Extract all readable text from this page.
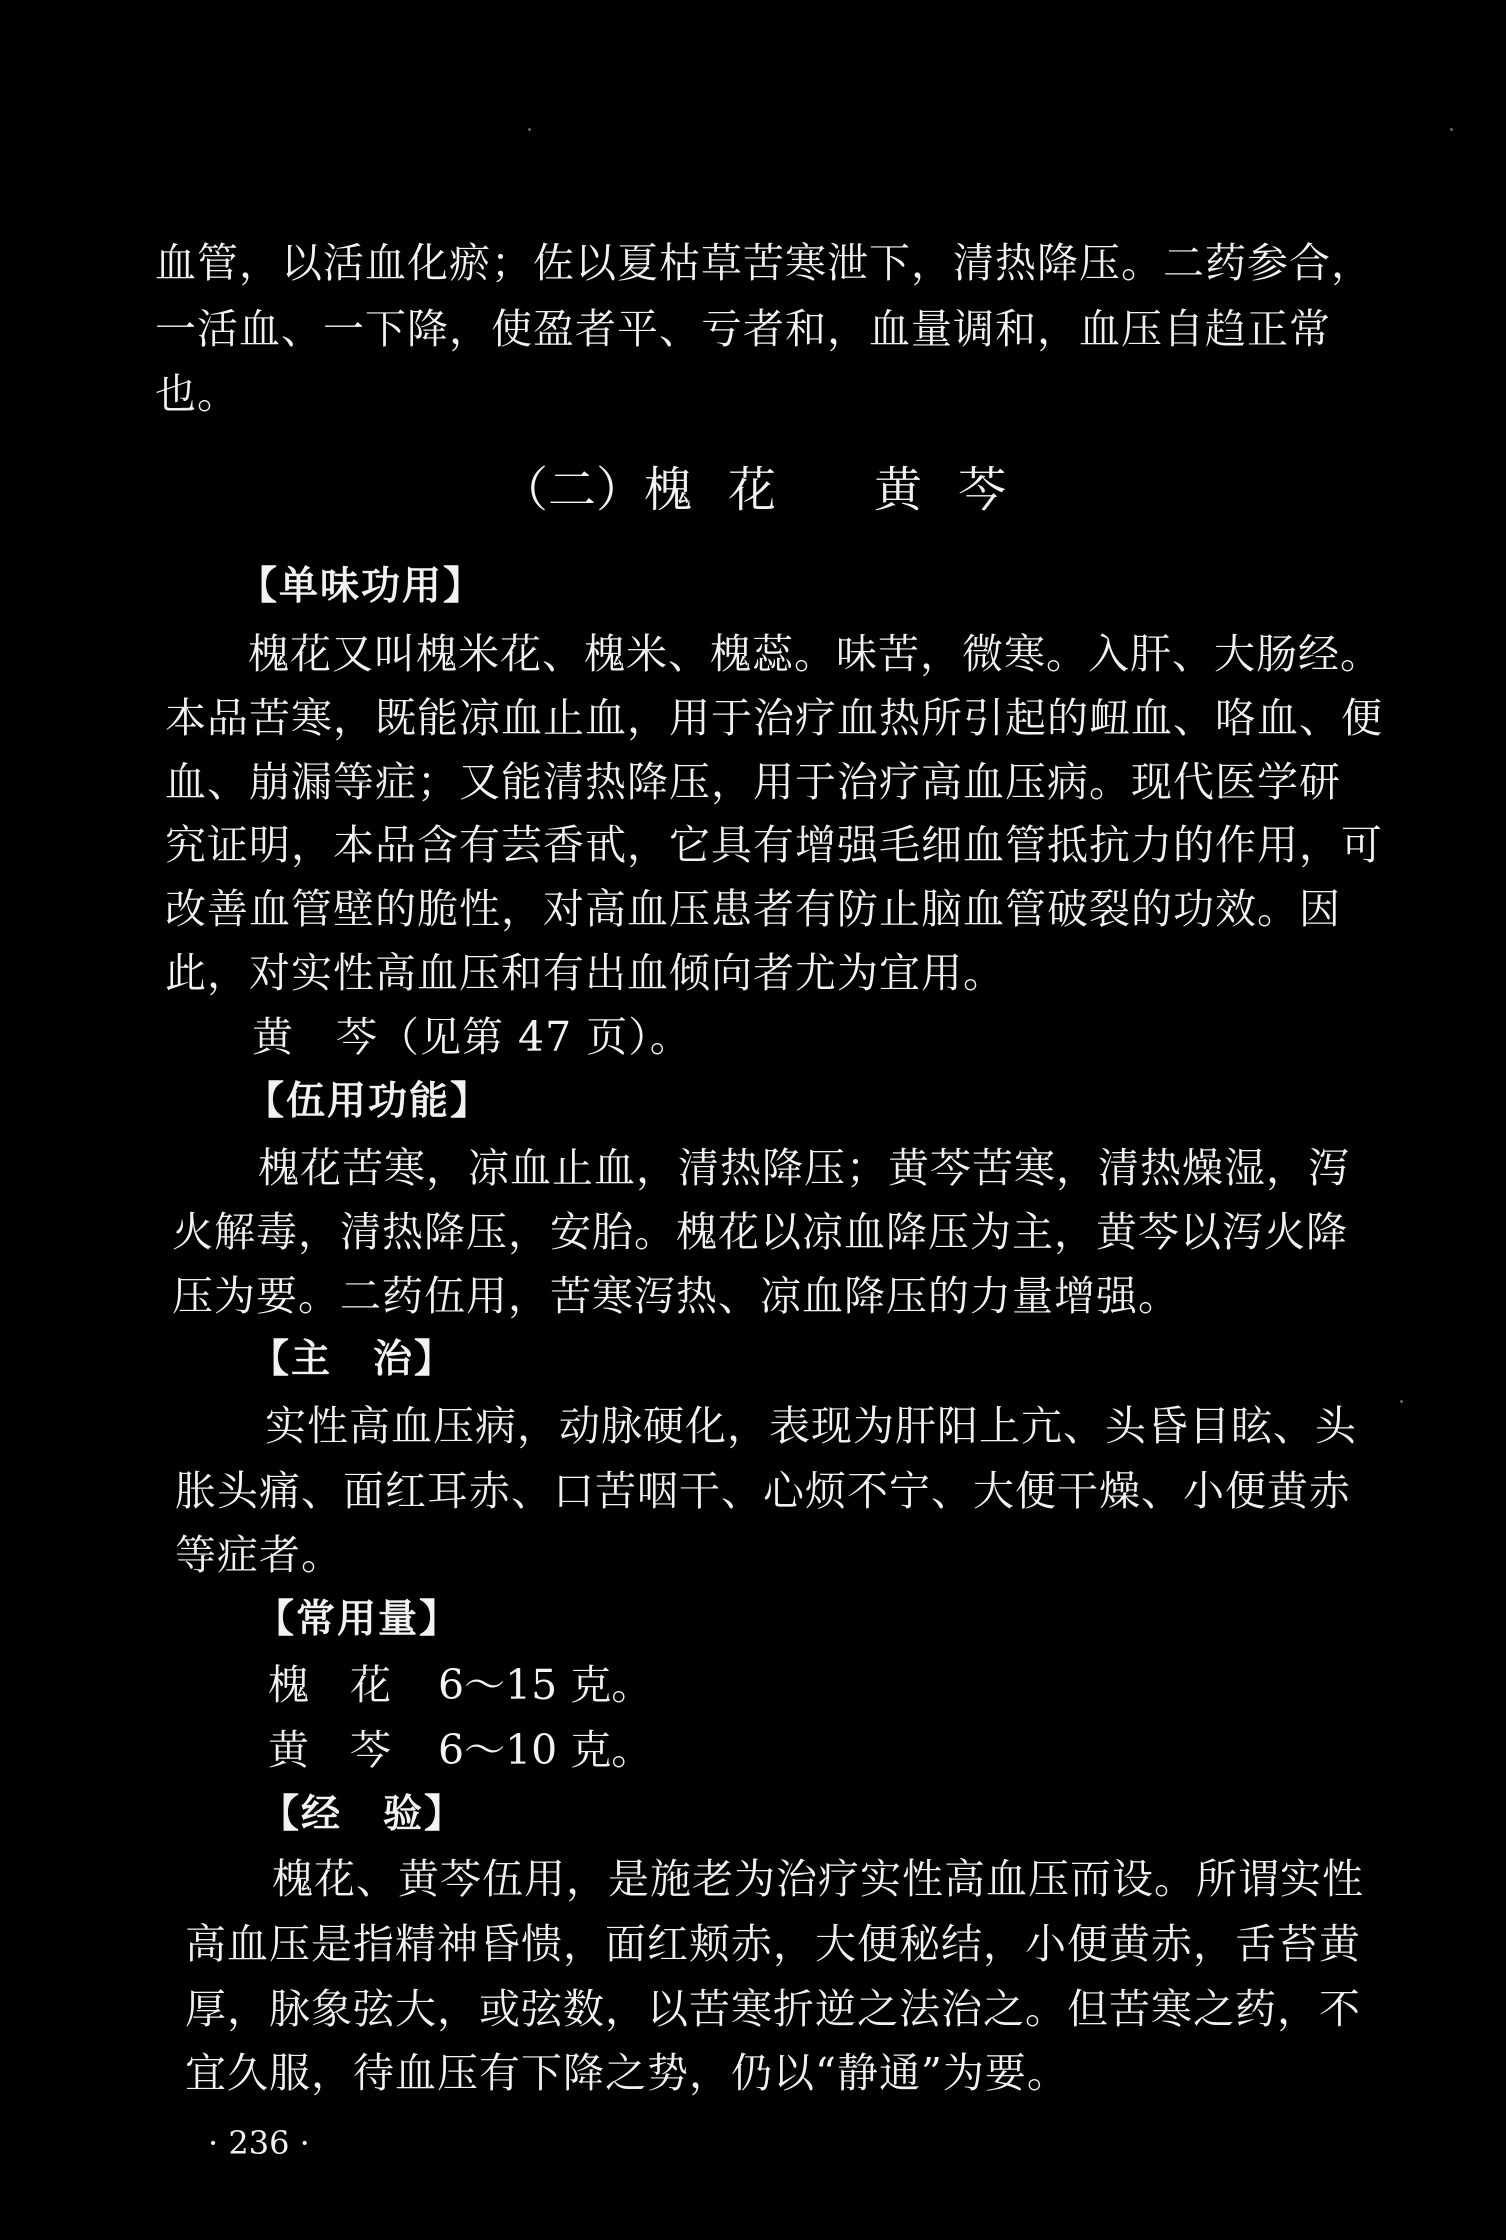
血管，以活血化瘀；佐以夏枯草苦寒泄下，清热降压。二药参合，
一活血、一下降，使盈者平、亏者和，血量调和，血压自趋正常
也。
（二）槐 花 黄 芩
【单味功用】
槐花又叫槐米花、槐米、槐蕊。味苦，微寒。入肝、大肠经。
本品苦寒，既能凉血止血，用于治疗血热所引起的衄血、咯血、便
血、崩漏等症；又能清热降压，用于治疗高血压病。现代医学研
究证明，本品含有芸香甙，它具有增强毛细血管抵抗力的作用，可
改善血管壁的脆性，对高血压患者有防止脑血管破裂的功效。因
此，对实性高血压和有出血倾向者尤为宜用。
黄　芩（见第 47 页）。
【伍用功能】
槐花苦寒，凉血止血，清热降压；黄芩苦寒，清热燥湿，泻
火解毒，清热降压，安胎。槐花以凉血降压为主，黄芩以泻火降
压为要。二药伍用，苦寒泻热、凉血降压的力量增强。
【主　治】
实性高血压病，动脉硬化，表现为肝阳上亢、头昏目眩、头
胀头痛、面红耳赤、口苦咽干、心烦不宁、大便干燥、小便黄赤
等症者。
【常用量】
槐　花 6～15 克。
黄　芩 6～10 克。
【经　验】
槐花、黄芩伍用，是施老为治疗实性高血压而设。所谓实性
高血压是指精神昏愦，面红颊赤，大便秘结，小便黄赤，舌苔黄
厚，脉象弦大，或弦数，以苦寒折逆之法治之。但苦寒之药，不
宜久服，待血压有下降之势，仍以“静通”为要。
· 236 ·
